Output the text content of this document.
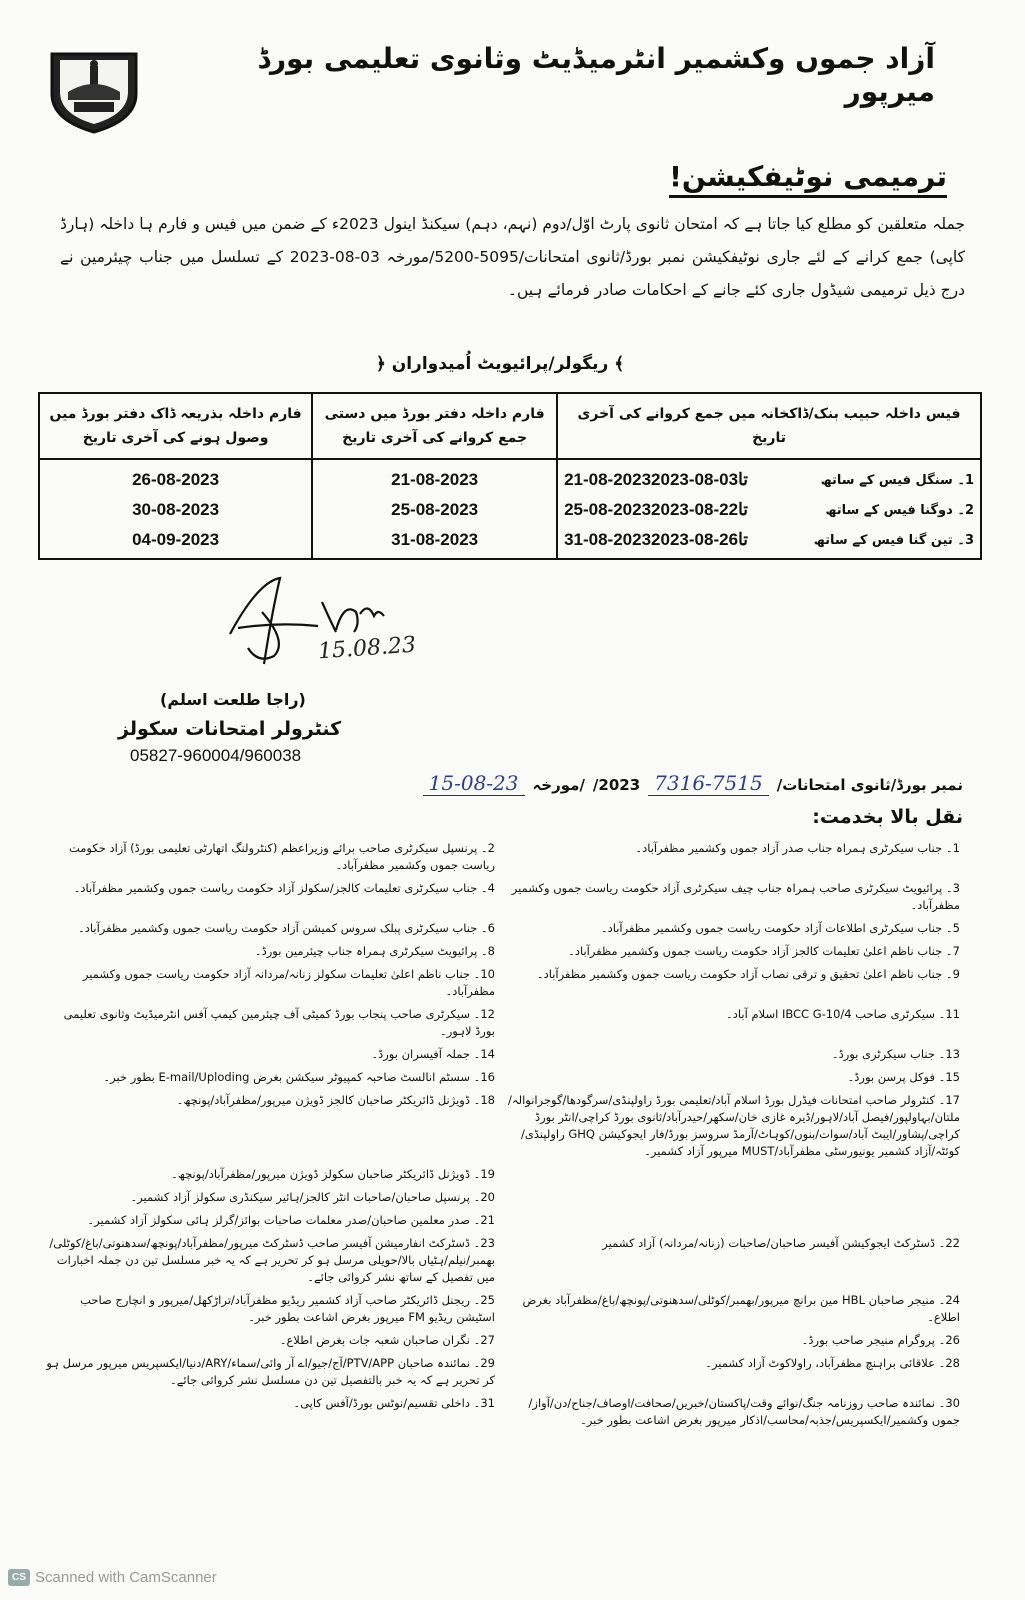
آزاد جموں وکشمیر انٹرمیڈیٹ وثانوی تعلیمی بورڈ میرپور
ترمیمی نوٹیفکیشن!
جملہ متعلقین کو مطلع کیا جاتا ہے کہ امتحان ثانوی پارٹ اوّل/دوم (نہم، دہم) سیکنڈ اینول 2023ء کے ضمن میں فیس و فارم ہا داخلہ (ہارڈ کاپی) جمع کرانے کے لئے جاری نوٹیفکیشن نمبر بورڈ/ثانوی امتحانات/5095-5200/مورخہ 03-08-2023 کے تسلسل میں جناب چیئرمین نے درج ذیل ترمیمی شیڈول جاری کئے جانے کے احکامات صادر فرمائے ہیں۔
﴾ ریگولر/پرائیویٹ اُمیدواران ﴿
فارم داخلہ بذریعہ ڈاک دفتر بورڈ میں وصول ہونے کی آخری تاریخ	فارم داخلہ دفتر بورڈ میں دستی جمع کروانے کی آخری تاریخ	فیس داخلہ حبیب بنک/ڈاکخانہ میں جمع کروانے کی آخری تاریخ
26-08-2023	21-08-2023	21-08-2023تا03-08-2023 1۔ سنگل فیس کے ساتھ

30-08-2023	25-08-2023	25-08-2023تا22-08-2023 2۔ دوگنا فیس کے ساتھ

04-09-2023	31-08-2023	31-08-2023تا26-08-2023 3۔ تین گنا فیس کے ساتھ
15.08.23
(راجا طلعت اسلم)
کنٹرولر امتحانات سکولز
05827-960004/960038
15-08-23 /مورخہ /2023 7316-7515 نمبر بورڈ/ثانوی امتحانات/
نقل بالا بخدمت:
2۔ پرنسپل سیکرٹری صاحب برائے وزیراعظم (کنٹرولنگ اتھارٹی تعلیمی بورڈ) آزاد حکومت ریاست جموں وکشمیر مظفرآباد۔
1۔ جناب سیکرٹری ہمراہ جناب صدر آزاد جموں وکشمیر مظفرآباد۔
4۔ جناب سیکرٹری تعلیمات کالجز/سکولز آزاد حکومت ریاست جموں وکشمیر مظفرآباد۔	3۔ پرائیویٹ سیکرٹری صاحب ہمراہ جناب چیف سیکرٹری آزاد حکومت ریاست جموں وکشمیر مظفرآباد۔
6۔ جناب سیکرٹری پبلک سروس کمیشن آزاد حکومت ریاست جموں وکشمیر مظفرآباد۔	5۔ جناب سیکرٹری اطلاعات آزاد حکومت ریاست جموں وکشمیر مظفرآباد۔
8۔ پرائیویٹ سیکرٹری ہمراہ جناب چیئرمین بورڈ۔	7۔ جناب ناظم اعلیٰ تعلیمات کالجز آزاد حکومت ریاست جموں وکشمیر مظفرآباد۔
10۔ جناب ناظم اعلیٰ تعلیمات سکولز زنانہ/مردانہ آزاد حکومت ریاست جموں وکشمیر مظفرآباد۔
9۔ جناب ناظم اعلیٰ تحقیق و ترقی نصاب آزاد حکومت ریاست جموں وکشمیر مظفرآباد۔
12۔ سیکرٹری صاحب پنجاب بورڈ کمیٹی آف چیئرمین کیمپ آفس انٹرمیڈیٹ وثانوی تعلیمی بورڈ لاہور۔
11۔ سیکرٹری صاحب IBCC G-10/4 اسلام آباد۔
14۔ جملہ آفیسران بورڈ۔	13۔ جناب سیکرٹری بورڈ۔
16۔ سسٹم انالسٹ صاحبہ کمپیوٹر سیکشن بغرض E-mail/Uploding بطور خبر۔	15۔ فوکل پرسن بورڈ۔
18۔ ڈویژنل ڈائریکٹر صاحبان کالجز ڈویژن میرپور/مظفرآباد/پونچھ۔	17۔ کنٹرولر صاحب امتحانات فیڈرل بورڈ اسلام آباد/تعلیمی بورڈ راولپنڈی/سرگودھا/گوجرانوالہ/ملتان/بہاولپور/فیصل آباد/لاہور/ڈیرہ غازی خان/سکھر/حیدرآباد/ثانوی بورڈ کراچی/انٹر بورڈ کراچی/پشاور/ایبٹ آباد/سوات/بنوں/کوہاٹ/آرمڈ سروسز بورڈ/فار ایجوکیشن GHQ راولپنڈی/کوئٹہ/آزاد کشمیر یونیورسٹی مظفرآباد/MUST میرپور آزاد کشمیر۔
19۔ ڈویژنل ڈائریکٹر صاحبان سکولز ڈویژن میرپور/مظفرآباد/پونچھ۔
20۔ پرنسپل صاحبان/صاحبات انٹر کالجز/ہائیر سیکنڈری سکولز آزاد کشمیر۔
21۔ صدر معلمین صاحبان/صدر معلمات صاحبات بوائز/گرلز ہائی سکولز آزاد کشمیر۔
23۔ ڈسٹرکٹ انفارمیشن آفیسر صاحب ڈسٹرکٹ میرپور/مظفرآباد/پونچھ/سدھنوتی/باغ/کوٹلی/بھمبر/نیلم/ہٹیاں بالا/حویلی مرسل ہو کر تحریر ہے کہ یہ خبر مسلسل تین دن جملہ اخبارات میں تفصیل کے ساتھ نشر کروائی جائے۔
22۔ ڈسٹرکٹ ایجوکیشن آفیسر صاحبان/صاحبات (زنانہ/مردانہ) آزاد کشمیر
25۔ ریجنل ڈائریکٹر صاحب آزاد کشمیر ریڈیو مظفرآباد/تراڑکھل/میرپور و انچارج صاحب اسٹیشن ریڈیو FM میرپور بغرض اشاعت بطور خبر۔
24۔ منیجر صاحبان HBL مین برانچ میرپور/بھمبر/کوٹلی/سدھنوتی/پونچھ/باغ/مظفرآباد بغرض اطلاع۔
27۔ نگران صاحبان شعبہ جات بغرض اطلاع۔	26۔ پروگرام منیجر صاحب بورڈ۔
29۔ نمائندہ صاحبان PTV/APP/آج/جیو/اے آر وائی/سماء/ARY/دنیا/ایکسپریس میرپور مرسل ہو کر تحریر ہے کہ یہ خبر بالتفصیل تین دن مسلسل نشر کروائی جائے۔
28۔ علاقائی براہنچ مظفرآباد، راولاکوٹ آزاد کشمیر۔
31۔ داخلی تقسیم/نوٹس بورڈ/آفس کاپی۔	30۔ نمائندہ صاحب روزنامہ جنگ/نوائے وقت/پاکستان/خبریں/صحافت/اوصاف/جناح/دن/آواز/جموں وکشمیر/ایکسپریس/جذبہ/محاسب/اذکار میرپور بغرض اشاعت بطور خبر۔
CS Scanned with CamScanner
